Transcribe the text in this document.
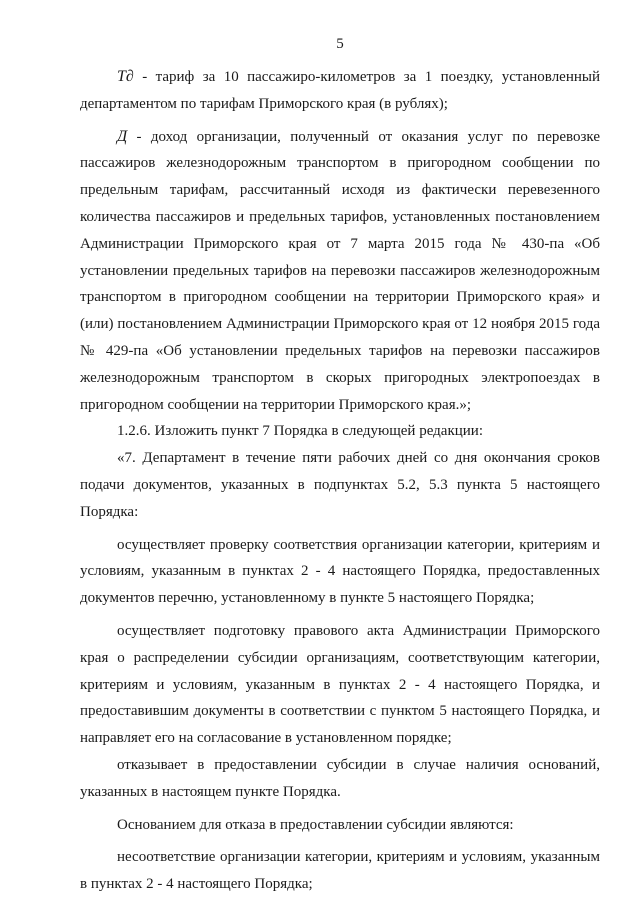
5

Т∂ - тариф за 10 пассажиро-километров за 1 поездку, установленный департаментом по тарифам Приморского края (в рублях);

Д - доход организации, полученный от оказания услуг по перевозке пассажиров железнодорожным транспортом в пригородном сообщении по предельным тарифам, рассчитанный исходя из фактически перевезенного количества пассажиров и предельных тарифов, установленных постановлением Администрации Приморского края от 7 марта 2015 года № 430-па «Об установлении предельных тарифов на перевозки пассажиров железнодорожным транспортом в пригородном сообщении на территории Приморского края» и (или) постановлением Администрации Приморского края от 12 ноября 2015 года № 429-па «Об установлении предельных тарифов на перевозки пассажиров железнодорожным транспортом в скорых пригородных электропоездах в пригородном сообщении на территории Приморского края.»;

1.2.6. Изложить пункт 7 Порядка в следующей редакции:

«7. Департамент в течение пяти рабочих дней со дня окончания сроков подачи документов, указанных в подпунктах 5.2, 5.3 пункта 5 настоящего Порядка:

осуществляет проверку соответствия организации категории, критериям и условиям, указанным в пунктах 2 - 4 настоящего Порядка, предоставленных документов перечню, установленному в пункте 5 настоящего Порядка;

осуществляет подготовку правового акта Администрации Приморского края о распределении субсидии организациям, соответствующим категории, критериям и условиям, указанным в пунктах 2 - 4 настоящего Порядка, и предоставившим документы в соответствии с пунктом 5 настоящего Порядка, и направляет его на согласование в установленном порядке;

отказывает в предоставлении субсидии в случае наличия оснований, указанных в настоящем пункте Порядка.

Основанием для отказа в предоставлении субсидии являются:

несоответствие организации категории, критериям и условиям, указанным в пунктах 2 - 4 настоящего Порядка;
